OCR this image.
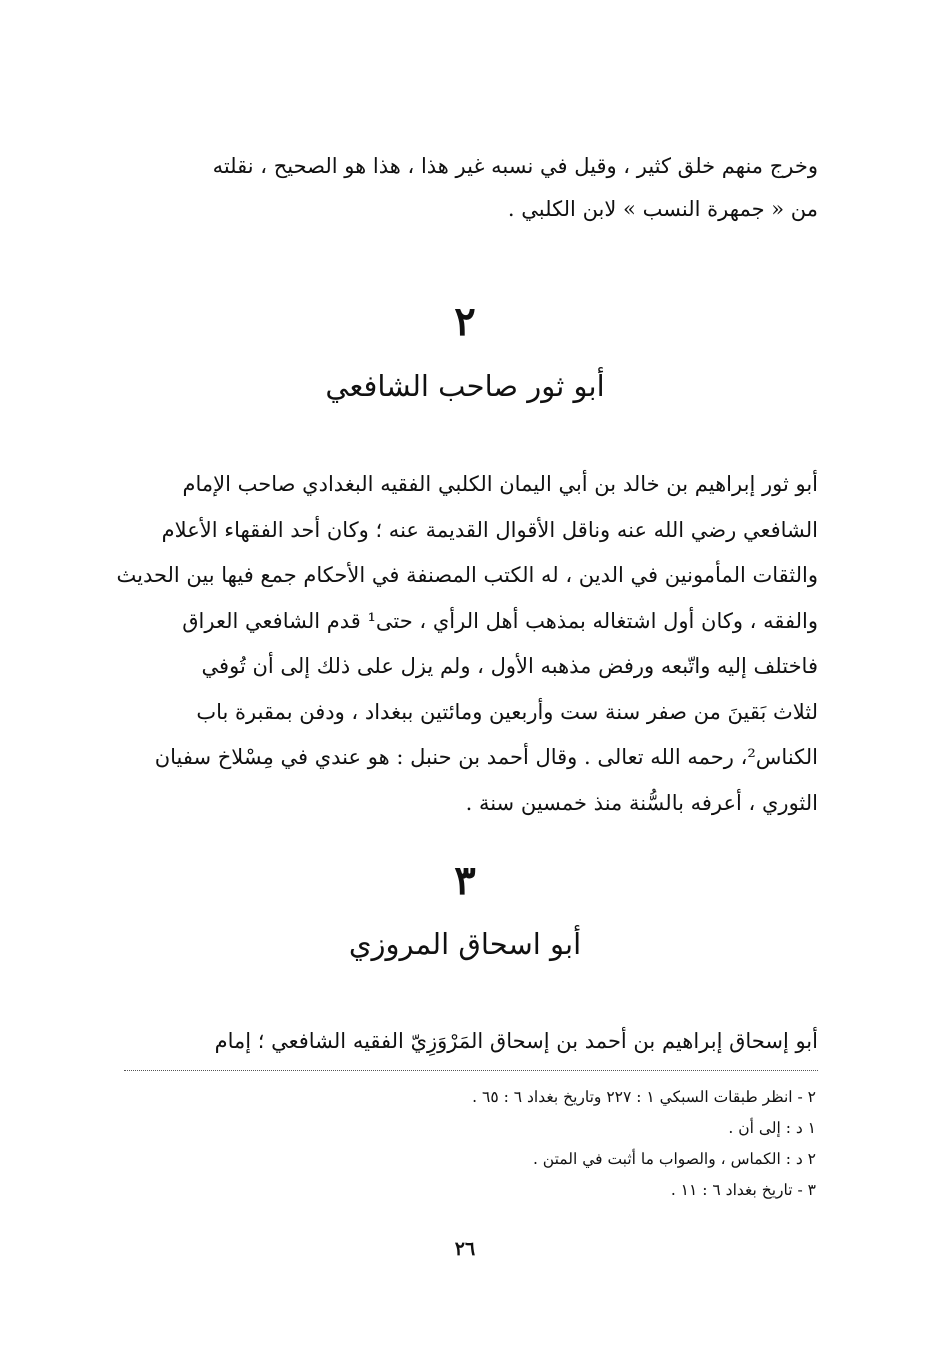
وخرج منهم خلق كثير ، وقيل في نسبه غير هذا ، هذا هو الصحيح ، نقلته
من « جمهرة النسب » لابن الكلبي .
٢
أبو ثور صاحب الشافعي
أبو ثور إبراهيم بن خالد بن أبي اليمان الكلبي الفقيه البغدادي صاحب الإمام
الشافعي رضي الله عنه وناقل الأقوال القديمة عنه ؛ وكان أحد الفقهاء الأعلام
والثقات المأمونين في الدين ، له الكتب المصنفة في الأحكام جمع فيها بين الحديث
والفقه ، وكان أول اشتغاله بمذهب أهل الرأي ، حتى¹ قدم الشافعي العراق
فاختلف إليه واتّبعه ورفض مذهبه الأول ، ولم يزل على ذلك إلى أن تُوفي
لثلاث بَقينَ من صفر سنة ست وأربعين ومائتين ببغداد ، ودفن بمقبرة باب
الكناس²، رحمه الله تعالى . وقال أحمد بن حنبل : هو عندي في مِسْلاخ سفيان
الثوري ، أعرفه بالسُّنة منذ خمسين سنة .
٣
أبو اسحاق المروزي
أبو إسحاق إبراهيم بن أحمد بن إسحاق المَرْوَزِيّ الفقيه الشافعي ؛ إمام
٢ - انظر طبقات السبكي ١ : ٢٢٧ وتاريخ بغداد ٦ : ٦٥ .
١ د : إلى أن .
٢ د : الكماس ، والصواب ما أثبت في المتن .
٣ - تاريخ بغداد ٦ : ١١ .
٢٦
